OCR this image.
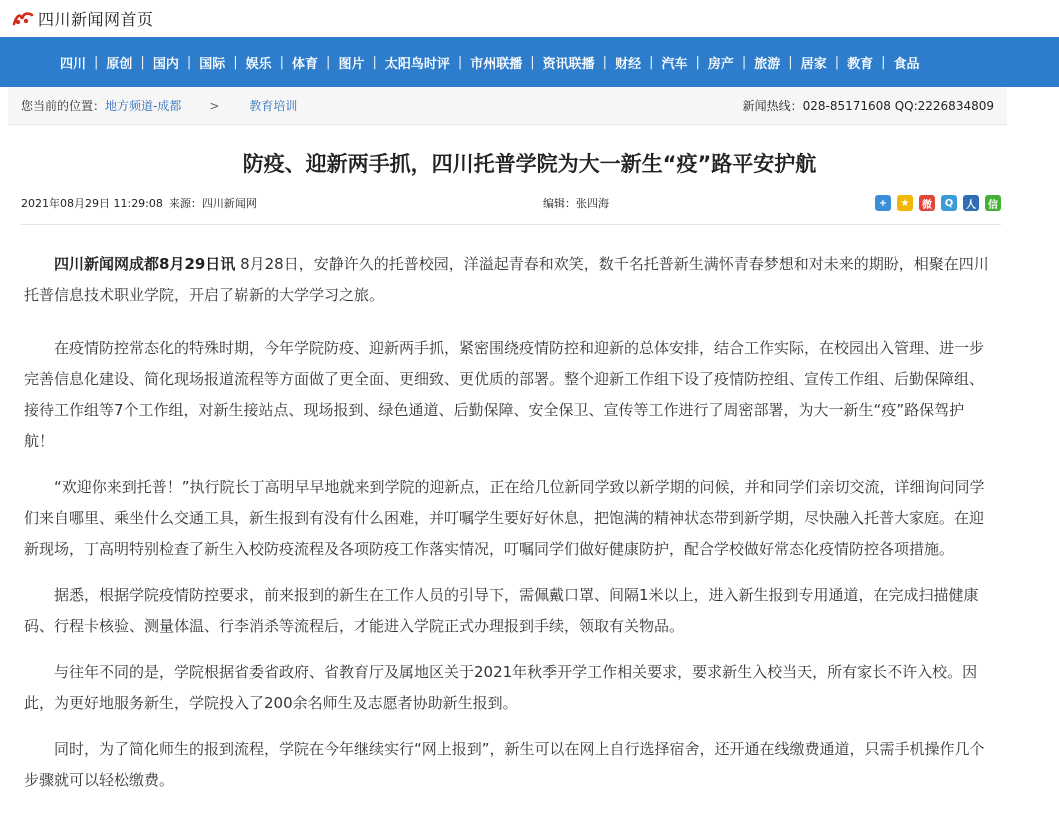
四川新闻网首页
四川 | 原创 | 国内 | 国际 | 娱乐 | 体育 | 图片 | 太阳鸟时评 | 市州联播 | 资讯联播 | 财经 | 汽车 | 房产 | 旅游 | 居家 | 教育 | 食品
您当前的位置： 地方频道-成都 >	教育培训	新闻热线：028-85171608 QQ:2226834809
防疫、迎新两手抓，四川托普学院为大一新生“疫”路平安护航
2021年08月29日 11:29:08 来源： 四川新闻网	编辑：张四海	+	★	微	Q	人	信

四川新闻网成都8月29日讯 8月28日，安静许久的托普校园，洋溢起青春和欢笑，数千名托普新生满怀青春梦想和对未来的期盼，相聚在四川托普信息技术职业学院，开启了崭新的大学学习之旅。

在疫情防控常态化的特殊时期，今年学院防疫、迎新两手抓，紧密围绕疫情防控和迎新的总体安排，结合工作实际，在校园出入管理、进一步完善信息化建设、简化现场报道流程等方面做了更全面、更细致、更优质的部署。整个迎新工作组下设了疫情防控组、宣传工作组、后勤保障组、接待工作组等7个工作组，对新生接站点、现场报到、绿色通道、后勤保障、安全保卫、宣传等工作进行了周密部署，为大一新生“疫”路保驾护航！

“欢迎你来到托普！”执行院长丁高明早早地就来到学院的迎新点，正在给几位新同学致以新学期的问候，并和同学们亲切交流，详细询问同学们来自哪里、乘坐什么交通工具，新生报到有没有什么困难，并叮嘱学生要好好休息，把饱满的精神状态带到新学期，尽快融入托普大家庭。在迎新现场，丁高明特别检查了新生入校防疫流程及各项防疫工作落实情况，叮嘱同学们做好健康防护，配合学校做好常态化疫情防控各项措施。

据悉，根据学院疫情防控要求，前来报到的新生在工作人员的引导下，需佩戴口罩、间隔1米以上，进入新生报到专用通道，在完成扫描健康码、行程卡核验、测量体温、行李消杀等流程后，才能进入学院正式办理报到手续，领取有关物品。

与往年不同的是，学院根据省委省政府、省教育厅及属地区关于2021年秋季开学工作相关要求，要求新生入校当天，所有家长不许入校。因此，为更好地服务新生，学院投入了200余名师生及志愿者协助新生报到。

同时，为了简化师生的报到流程，学院在今年继续实行“网上报到”，新生可以在网上自行选择宿舍，还开通在线缴费通道，只需手机操作几个步骤就可以轻松缴费。
